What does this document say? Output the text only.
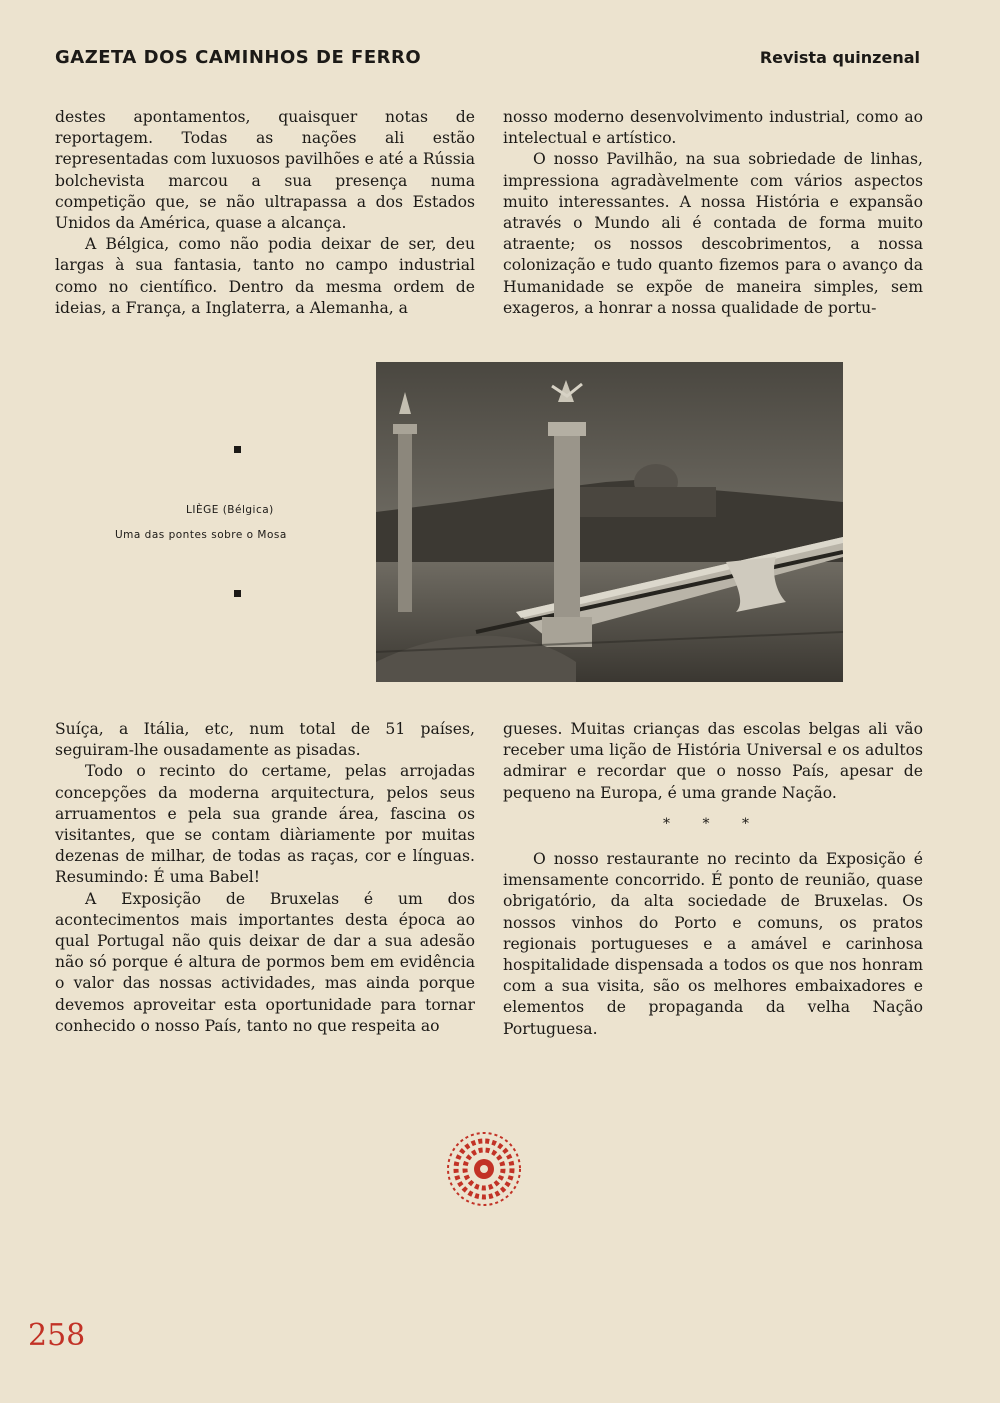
GAZETA DOS CAMINHOS DE FERRO	Revista quinzenal

destes apontamentos, quaisquer notas de reportagem. Todas as nações ali estão representadas com luxuosos pavilhões e até a Rússia bolchevista marcou a sua presença numa competição que, se não ultrapassa a dos Estados Unidos da América, quase a alcança.

A Bélgica, como não podia deixar de ser, deu largas à sua fantasia, tanto no campo industrial como no científico. Dentro da mesma ordem de ideias, a França, a Inglaterra, a Alemanha, a

nosso moderno desenvolvimento industrial, como ao intelectual e artístico.

O nosso Pavilhão, na sua sobriedade de linhas, impressiona agradàvelmente com vários aspectos muito interessantes. A nossa História e expansão através o Mundo ali é contada de forma muito atraente; os nossos descobrimentos, a nossa colonização e tudo quanto fizemos para o avanço da Humanidade se expõe de maneira simples, sem exageros, a honrar a nossa qualidade de portu-

LIÈGE (Bélgica)
Uma das pontes sobre o Mosa

Suíça, a Itália, etc, num total de 51 países, seguiram-lhe ousadamente as pisadas.

Todo o recinto do certame, pelas arrojadas concepções da moderna arquitectura, pelos seus arruamentos e pela sua grande área, fascina os visitantes, que se contam diàriamente por muitas dezenas de milhar, de todas as raças, cor e línguas. Resumindo: É uma Babel!

A Exposição de Bruxelas é um dos acontecimentos mais importantes desta época ao qual Portugal não quis deixar de dar a sua adesão não só porque é altura de pormos bem em evidência o valor das nossas actividades, mas ainda porque devemos aproveitar esta oportunidade para tornar conhecido o nosso País, tanto no que respeita ao

gueses. Muitas crianças das escolas belgas ali vão receber uma lição de História Universal e os adultos admirar e recordar que o nosso País, apesar de pequeno na Europa, é uma grande Nação.

* * *

O nosso restaurante no recinto da Exposição é imensamente concorrido. É ponto de reunião, quase obrigatório, da alta sociedade de Bruxelas. Os nossos vinhos do Porto e comuns, os pratos regionais portugueses e a amável e carinhosa hospitalidade dispensada a todos os que nos honram com a sua visita, são os melhores embaixadores e elementos de propaganda da velha Nação Portuguesa.

258
